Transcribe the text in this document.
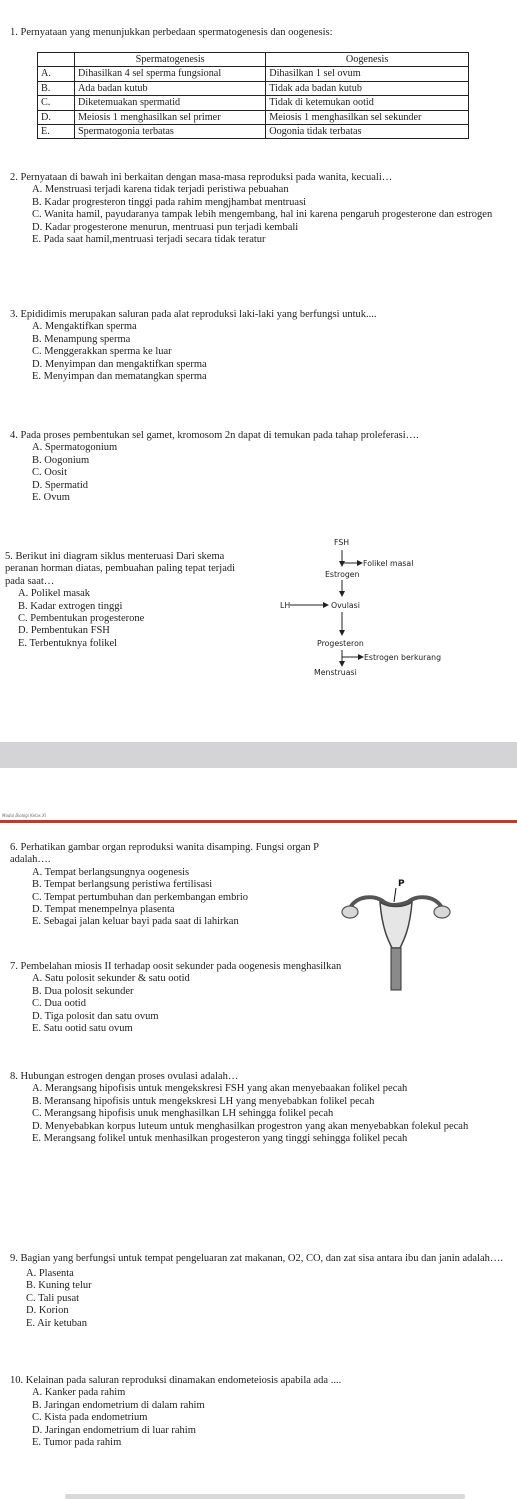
1. Pernyataan yang menunjukkan perbedaan spermatogenesis dan oogenesis:

	Spermatogenesis	Oogenesis
A.	Dihasilkan 4 sel sperma fungsional	Dihasilkan 1 sel ovum
B.	Ada badan kutub	Tidak ada badan kutub
C.	Diketemuakan spermatid	Tidak di ketemukan ootid
D.	Meiosis 1 menghasilkan sel primer	Meiosis 1 menghasilkan sel sekunder
E.	Spermatogonia terbatas	Oogonia tidak terbatas

2. Pernyataan di bawah ini berkaitan dengan masa-masa reproduksi pada wanita, kecuali…

A. Menstruasi terjadi karena tidak terjadi peristiwa pebuahan
B. Kadar progresteron tinggi pada rahim mengjhambat mentruasi
C. Wanita hamil, payudaranya tampak lebih mengembang, hal ini karena pengaruh progesterone dan estrogen
D. Kadar progesterone menurun, mentruasi pun terjadi kembali
E. Pada saat hamil,mentruasi terjadi secara tidak teratur

3. Epididimis merupakan saluran pada alat reproduksi laki-laki yang berfungsi untuk....

A. Mengaktifkan sperma
B. Menampung sperma
C. Menggerakkan sperma ke luar
D. Menyimpan dan mengaktifkan sperma
E. Menyimpan dan mematangkan sperma

4. Pada proses pembentukan sel gamet, kromosom 2n dapat di temukan pada tahap proleferasi….

A. Spermatogonium
B. Oogonium
C. Oosit
D. Spermatid
E. Ovum

5. Berikut ini diagram siklus menteruasi Dari skema peranan horman diatas, pembuahan paling tepat terjadi pada saat…

A. Polikel masak
B. Kadar extrogen tinggi
C. Pembentukan progesterone
D. Pembentukan FSH
E. Terbentuknya folikel
FSH
Estrogen
Folikel masal
LH	Ovulasi
Progesteron
Estrogen berkurang
Menstruasi
Modul Biologi Kelas XI

6. Perhatikan gambar organ reproduksi wanita disamping. Fungsi organ P adalah….

A. Tempat berlangsungnya oogenesis
B. Tempat berlangsung peristiwa fertilisasi
C. Tempat pertumbuhan dan perkembangan embrio
D. Tempat menempelnya plasenta
E. Sebagai jalan keluar bayi pada saat di lahirkan
P

7. Pembelahan miosis II terhadap oosit sekunder pada oogenesis menghasilkan

A. Satu polosit sekunder & satu ootid
B. Dua polosit sekunder
C. Dua ootid
D. Tiga polosit dan satu ovum
E. Satu ootid satu ovum

8. Hubungan estrogen dengan proses ovulasi adalah…

A. Merangsang hipofisis untuk mengekskresi FSH yang akan menyebaakan folikel pecah
B. Meransang hipofisis untuk mengekskresi LH yang menyebabkan folikel pecah
C. Merangsang hipofisis unuk menghasilkan LH sehingga folikel pecah
D. Menyebabkan korpus luteum untuk menghasilkan progestron yang akan menyebabkan folekul pecah
E. Merangsang folikel untuk menhasilkan progesteron yang tinggi sehingga folikel pecah

9. Bagian yang berfungsi untuk tempat pengeluaran zat makanan, O2, CO, dan zat sisa antara ibu dan janin adalah….

A. Plasenta
B. Kuning telur
C. Tali pusat
D. Korion
E. Air ketuban

10. Kelainan pada saluran reproduksi dinamakan endometeiosis apabila ada ....

A. Kanker pada rahim
B. Jaringan endometrium di dalam rahim
C. Kista pada endometrium
D. Jaringan endometrium di luar rahim
E. Tumor pada rahim
